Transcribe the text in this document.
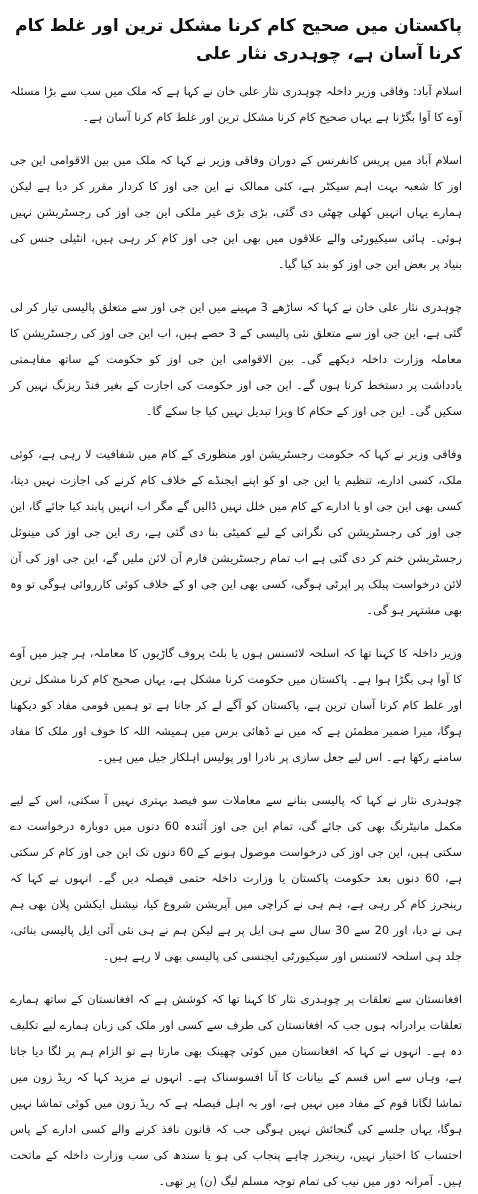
پاکستان میں صحیح کام کرنا مشکل ترین اور غلط کام کرنا آسان ہے، چوہدری نثار علی

اسلام آباد: وفاقی وزیر داخلہ چوہدری نثار علی خان نے کہا ہے کہ ملک میں سب سے بڑا مسئلہ آوے کا آوا بگڑنا ہے یہاں صحیح کام کرنا مشکل ترین اور غلط کام کرنا آسان ہے۔

اسلام آباد میں پریس کانفرنس کے دوران وفاقی وزیر نے کہا کہ ملک میں بین الاقوامی این جی اوز کا شعبہ بہت اہم سیکٹر ہے، کئی ممالک نے این جی اوز کا کردار مقرر کر دیا ہے لیکن ہمارے یہاں انہیں کھلی چھٹی دی گئی، بڑی بڑی غیر ملکی این جی اوز کی رجسٹریشن نہیں ہوئی۔ ہائی سیکیورٹی والے علاقوں میں بھی این جی اوز کام کر رہی ہیں، انٹیلی جنس کی بنیاد پر بعض این جی اوز کو بند کیا گیا۔

چوہدری نثار علی خان نے کہا کہ ساڑھے 3 مہینے میں این جی اوز سے متعلق پالیسی تیار کر لی گئی ہے، این جی اوز سے متعلق نئی پالیسی کے 3 حصے ہیں، اب این جی اوز کی رجسٹریشن کا معاملہ وزارت داخلہ دیکھے گی۔ بین الاقوامی این جی اوز کو حکومت کے ساتھ مفاہمتی یادداشت پر دستخط کرنا ہوں گے۔ این جی اوز حکومت کی اجازت کے بغیر فنڈ ریزنگ نہیں کر سکیں گی۔ این جی اوز کے حکام کا ویزا تبدیل نہیں کیا جا سکے گا۔

وفاقی وزیر نے کہا کہ حکومت رجسٹریشن اور منظوری کے کام میں شفافیت لا رہی ہے، کوئی ملک، کسی ادارے، تنظیم یا این جی او کو اپنے ایجنڈے کے خلاف کام کرنے کی اجازت نہیں دیتا، کسی بھی این جی او یا ادارے کے کام میں خلل نہیں ڈالیں گے مگر اب انہیں پابند کیا جائے گا، این جی اوز کی رجسٹریشن کی نگرانی کے لیے کمیٹی بنا دی گئی ہے، ری این جی اوز کی مینوئل رجسٹریشن ختم کر دی گئی ہے اب تمام رجسٹریشن فارم آن لائن ملیں گے، این جی اوز کی آن لائن درخواست پبلک پر اپرٹی ہوگی، کسی بھی این جی او کے خلاف کوئی کارروائی ہوگی تو وہ بھی مشتہر ہو گی۔

وزیر داخلہ کا کہنا تھا کہ اسلحہ لائسنس ہوں یا بلٹ پروف گاڑیوں کا معاملہ، ہر چیز میں آوے کا آوا ہی بگڑا ہوا ہے۔ پاکستان میں حکومت کرنا مشکل ہے، یہاں صحیح کام کرنا مشکل ترین اور غلط کام کرنا آسان ترین ہے، پاکستان کو آگے لے کر جانا ہے تو ہمیں قومی مفاد کو دیکھنا ہوگا، میرا ضمیر مطمئن ہے کہ میں نے ڈھائی برس میں ہمیشہ اللہ کا خوف اور ملک کا مفاد سامنے رکھا ہے۔ اس لیے جعل سازی پر نادرا اور پولیس اہلکار جیل میں ہیں۔

چوہدری نثار نے کہا کہ پالیسی بنانے سے معاملات سو فیصد بہتری نہیں آ سکتی، اس کے لیے مکمل مانیٹرنگ بھی کی جائے گی، تمام این جی اوز آئندہ 60 دنوں میں دوبارہ درخواست دے سکتی ہیں، این جی اوز کی درخواست موصول ہونے کے 60 دنوں تک این جی اوز کام کر سکتی ہے، 60 دنوں بعد حکومت پاکستان یا وزارت داخلہ حتمی فیصلہ دیں گے۔ انہوں نے کہا کہ رینجرز کام کر رہی ہے، ہم ہی نے کراچی میں آپریشن شروع کیا، نیشنل ایکشن پلان بھی ہم ہی نے دیا، اور 20 سے 30 سال سے ہی ایل پر ہے لیکن ہم نے ہی نئی آئی ایل پالیسی بنائی، جلد ہی اسلحہ لائسنس اور سیکیورٹی ایجنسی کی پالیسی بھی لا رہے ہیں۔

افغانستان سے تعلقات پر چوہدری نثار کا کہنا تھا کہ کوشش ہے کہ افغانستان کے ساتھ ہمارے تعلقات برادرانہ ہوں جب کہ افغانستان کی طرف سے کسی اور ملک کی زبان ہمارے لیے تکلیف دہ ہے۔ انہوں نے کہا کہ افغانستان میں کوئی چھینک بھی مارتا ہے تو الزام ہم پر لگا دیا جاتا ہے، وہاں سے اس قسم کے بیانات کا آنا افسوسناک ہے۔ انہوں نے مزید کہا کہ ریڈ زون میں تماشا لگانا قوم کے مفاد میں نہیں ہے، اور یہ اہل فیصلہ ہے کہ ریڈ زون میں کوئی تماشا نہیں ہوگا، یہاں جلسے کی گنجائش نہیں ہوگی جب کہ قانون نافذ کرنے والے کسی ادارے کے پاس احتساب کا اختیار نہیں، رینجرز چاہے پنجاب کی ہو یا سندھ کی سب وزارت داخلہ کے ماتحت ہیں۔ آمرانہ دور میں نیب کی تمام توجہ مسلم لیگ (ن) پر تھی۔
